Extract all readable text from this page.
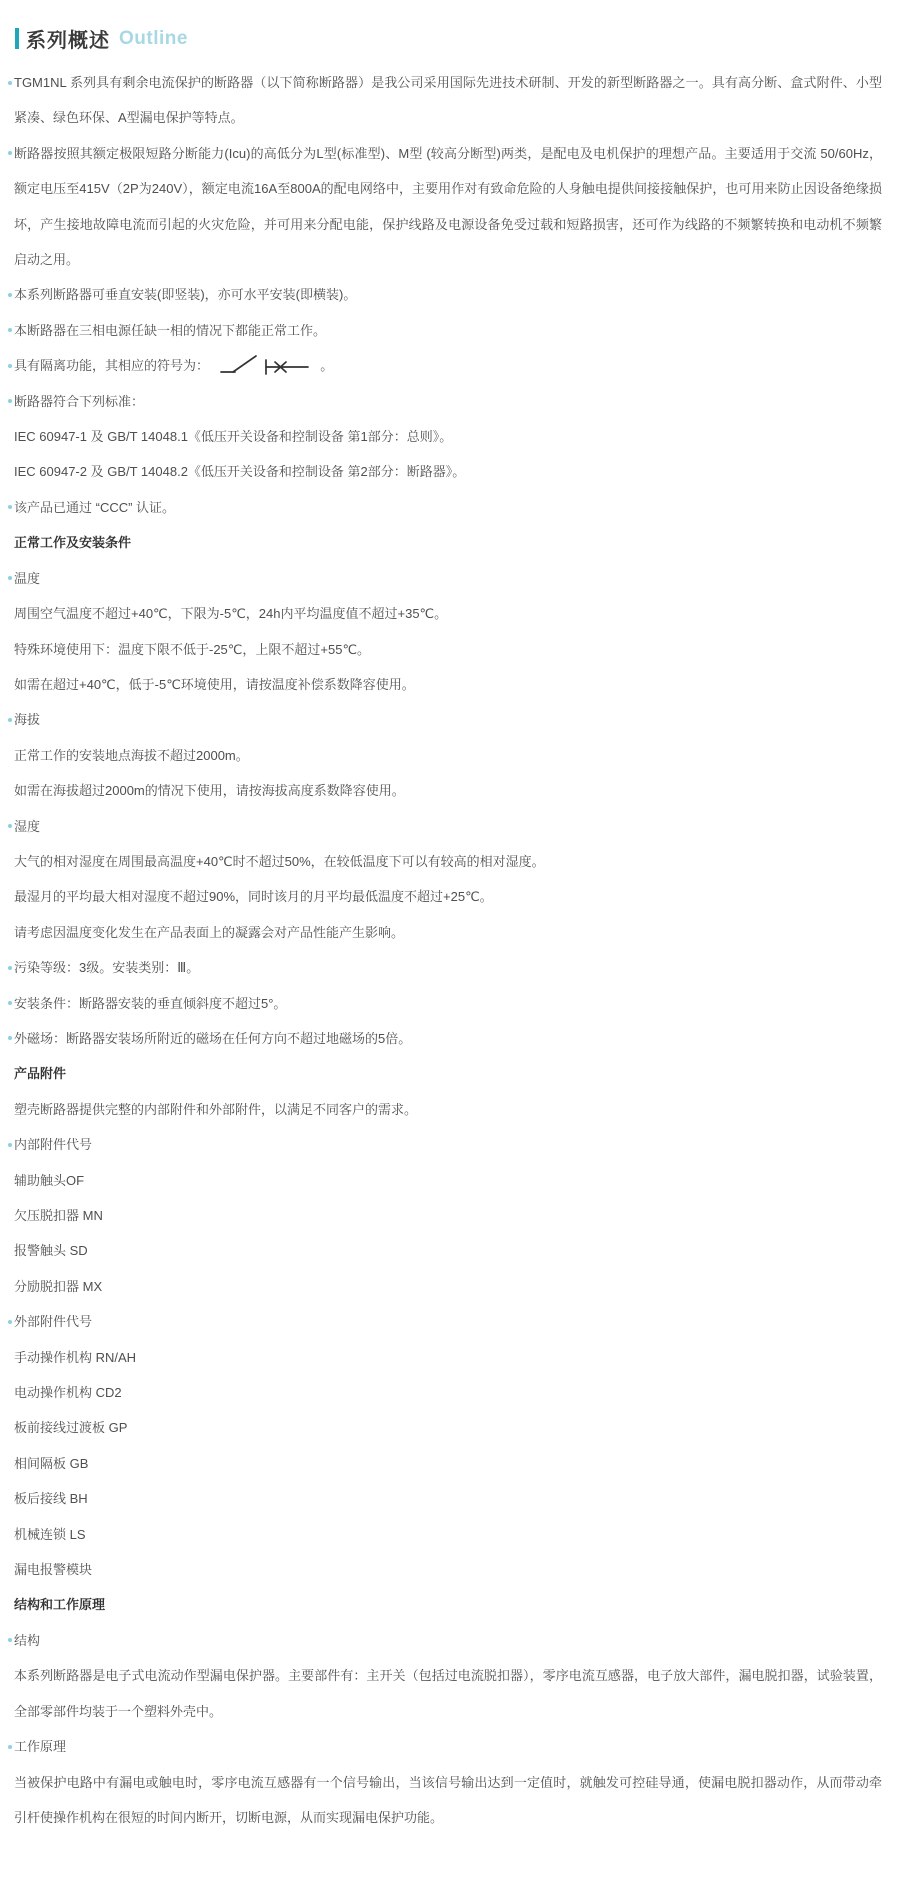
系列概述 Outline
TGM1NL 系列具有剩余电流保护的断路器（以下简称断路器）是我公司采用国际先进技术研制、开发的新型断路器之一。具有高分断、盒式附件、小型紧凑、绿色环保、A型漏电保护等特点。
断路器按照其额定极限短路分断能力(Icu)的高低分为L型(标准型)、M型 (较高分断型)两类，是配电及电机保护的理想产品。主要适用于交流 50/60Hz，额定电压至415V（2P为240V），额定电流16A至800A的配电网络中，主要用作对有致命危险的人身触电提供间接接触保护，也可用来防止因设备绝缘损坏，产生接地故障电流而引起的火灾危险，并可用来分配电能，保护线路及电源设备免受过载和短路损害，还可作为线路的不频繁转换和电动机不频繁启动之用。
本系列断路器可垂直安装(即竖装)，亦可水平安装(即横装)。
本断路器在三相电源任缺一相的情况下都能正常工作。
具有隔离功能，其相应的符号为：	。
断路器符合下列标准：
IEC 60947-1 及 GB/T 14048.1《低压开关设备和控制设备 第1部分：总则》。
IEC 60947-2 及 GB/T 14048.2《低压开关设备和控制设备 第2部分：断路器》。
该产品已通过 “CCC” 认证。
正常工作及安装条件
温度
周围空气温度不超过+40℃，下限为-5℃，24h内平均温度值不超过+35℃。
特殊环境使用下：温度下限不低于-25℃，上限不超过+55℃。
如需在超过+40℃，低于-5℃环境使用，请按温度补偿系数降容使用。
海拔
正常工作的安装地点海拔不超过2000m。
如需在海拔超过2000m的情况下使用，请按海拔高度系数降容使用。
湿度
大气的相对湿度在周围最高温度+40℃时不超过50%，在较低温度下可以有较高的相对湿度。
最湿月的平均最大相对湿度不超过90%，同时该月的月平均最低温度不超过+25℃。
请考虑因温度变化发生在产品表面上的凝露会对产品性能产生影响。
污染等级：3级。安装类别：Ⅲ。
安装条件：断路器安装的垂直倾斜度不超过5°。
外磁场：断路器安装场所附近的磁场在任何方向不超过地磁场的5倍。
产品附件
塑壳断路器提供完整的内部附件和外部附件，以满足不同客户的需求。
内部附件代号
辅助触头OF
欠压脱扣器 MN
报警触头 SD
分励脱扣器 MX
外部附件代号
手动操作机构 RN/AH
电动操作机构 CD2
板前接线过渡板 GP
相间隔板 GB
板后接线 BH
机械连锁 LS
漏电报警模块
结构和工作原理
结构
本系列断路器是电子式电流动作型漏电保护器。主要部件有：主开关（包括过电流脱扣器），零序电流互感器，电子放大部件，漏电脱扣器，试验装置，全部零部件均装于一个塑料外壳中。
工作原理
当被保护电路中有漏电或触电时，零序电流互感器有一个信号输出，当该信号输出达到一定值时，就触发可控硅导通，使漏电脱扣器动作，从而带动牵引杆使操作机构在很短的时间内断开，切断电源，从而实现漏电保护功能。
